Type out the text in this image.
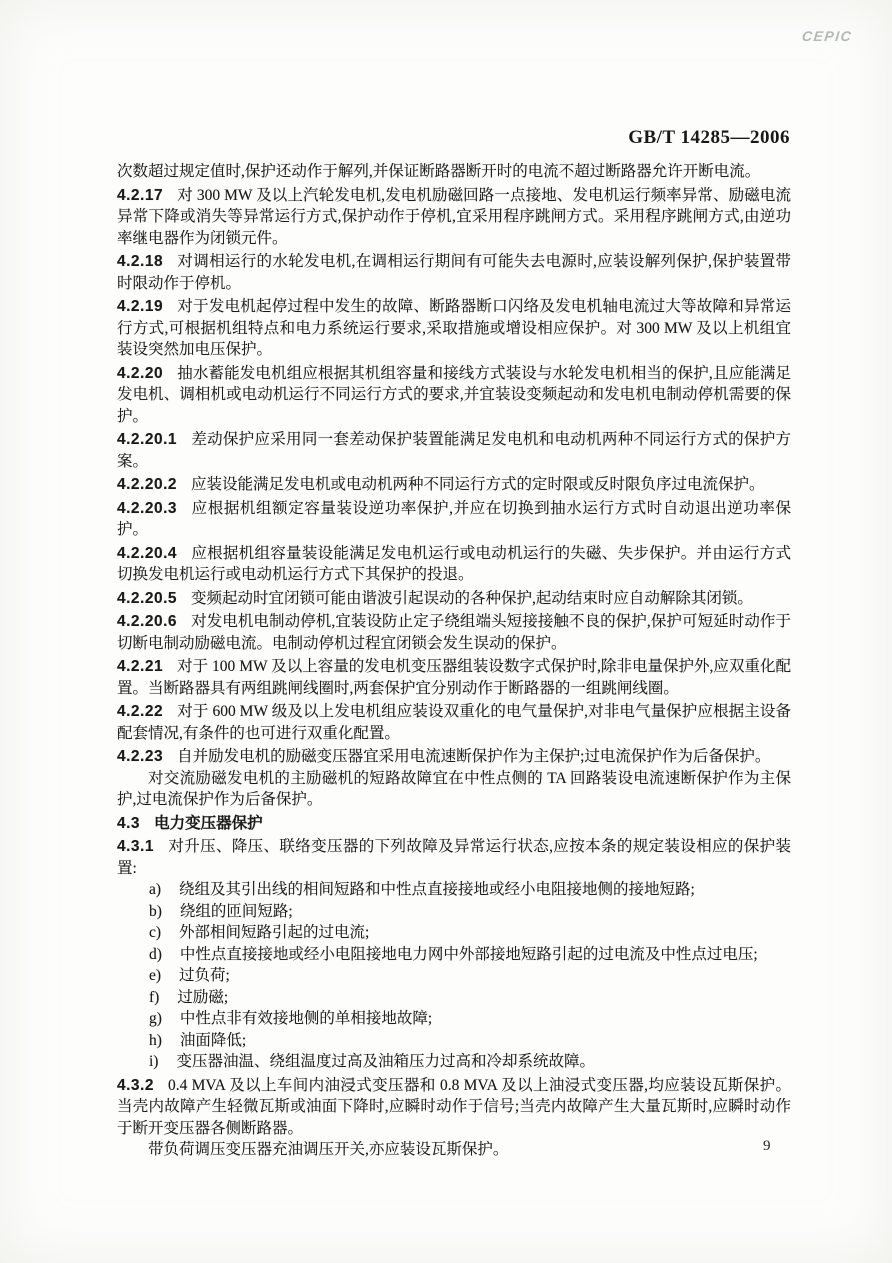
CEPIC
GB/T 14285—2006

次数超过规定值时,保护还动作于解列,并保证断路器断开时的电流不超过断路器允许开断电流。

4.2.17 对 300 MW 及以上汽轮发电机,发电机励磁回路一点接地、发电机运行频率异常、励磁电流异常下降或消失等异常运行方式,保护动作于停机,宜采用程序跳闸方式。采用程序跳闸方式,由逆功率继电器作为闭锁元件。

4.2.18 对调相运行的水轮发电机,在调相运行期间有可能失去电源时,应装设解列保护,保护装置带时限动作于停机。

4.2.19 对于发电机起停过程中发生的故障、断路器断口闪络及发电机轴电流过大等故障和异常运行方式,可根据机组特点和电力系统运行要求,采取措施或增设相应保护。对 300 MW 及以上机组宜装设突然加电压保护。

4.2.20 抽水蓄能发电机组应根据其机组容量和接线方式装设与水轮发电机相当的保护,且应能满足发电机、调相机或电动机运行不同运行方式的要求,并宜装设变频起动和发电机电制动停机需要的保护。

4.2.20.1 差动保护应采用同一套差动保护装置能满足发电机和电动机两种不同运行方式的保护方案。

4.2.20.2 应装设能满足发电机或电动机两种不同运行方式的定时限或反时限负序过电流保护。

4.2.20.3 应根据机组额定容量装设逆功率保护,并应在切换到抽水运行方式时自动退出逆功率保护。

4.2.20.4 应根据机组容量装设能满足发电机运行或电动机运行的失磁、失步保护。并由运行方式切换发电机运行或电动机运行方式下其保护的投退。

4.2.20.5 变频起动时宜闭锁可能由谐波引起误动的各种保护,起动结束时应自动解除其闭锁。

4.2.20.6 对发电机电制动停机,宜装设防止定子绕组端头短接接触不良的保护,保护可短延时动作于切断电制动励磁电流。电制动停机过程宜闭锁会发生误动的保护。

4.2.21 对于 100 MW 及以上容量的发电机变压器组装设数字式保护时,除非电量保护外,应双重化配置。当断路器具有两组跳闸线圈时,两套保护宜分别动作于断路器的一组跳闸线圈。

4.2.22 对于 600 MW 级及以上发电机组应装设双重化的电气量保护,对非电气量保护应根据主设备配套情况,有条件的也可进行双重化配置。

4.2.23 自并励发电机的励磁变压器宜采用电流速断保护作为主保护;过电流保护作为后备保护。

对交流励磁发电机的主励磁机的短路故障宜在中性点侧的 TA 回路装设电流速断保护作为主保护,过电流保护作为后备保护。

4.3 电力变压器保护

4.3.1 对升压、降压、联络变压器的下列故障及异常运行状态,应按本条的规定装设相应的保护装置:

a) 绕组及其引出线的相间短路和中性点直接接地或经小电阻接地侧的接地短路;

b) 绕组的匝间短路;

c) 外部相间短路引起的过电流;

d) 中性点直接接地或经小电阻接地电力网中外部接地短路引起的过电流及中性点过电压;

e) 过负荷;

f) 过励磁;

g) 中性点非有效接地侧的单相接地故障;

h) 油面降低;

i) 变压器油温、绕组温度过高及油箱压力过高和冷却系统故障。

4.3.2 0.4 MVA 及以上车间内油浸式变压器和 0.8 MVA 及以上油浸式变压器,均应装设瓦斯保护。当壳内故障产生轻微瓦斯或油面下降时,应瞬时动作于信号;当壳内故障产生大量瓦斯时,应瞬时动作于断开变压器各侧断路器。

带负荷调压变压器充油调压开关,亦应装设瓦斯保护。	9
